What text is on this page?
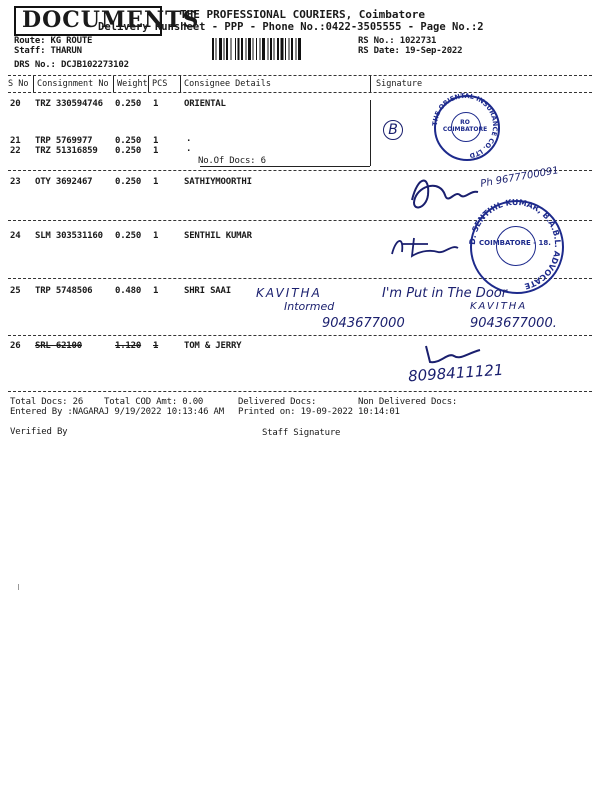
DOCUMENTS
THE PROFESSIONAL COURIERS, Coimbatore
Delivery Runsheet - PPP - Phone No.:0422-3505555 - Page No.:2
Route: KG ROUTE
Staff: THARUN
DRS No.: DCJB102273102
RS No.: 1022731
RS Date: 19-Sep-2022
S No Consignment No Weight PCS Consignee Details	Signature
20 TRZ 330594746 0.250 1	ORIENTAL
21 TRP 5769977	0.250 1	.
22 TRZ 51316859 0.250 1	.
No.Of Docs: 6
23 OTY 3692467	0.250 1	SATHIYMOORTHI
24 SLM 303531160 0.250 1	SENTHIL KUMAR
25 TRP 5748506	0.480 1	SHRI SAAI
26 SRL 62100	1.120 1	TOM & JERRY
Total Docs: 26 Total COD Amt: 0.00	Delivered Docs:	Non Delivered Docs:
Entered By :NAGARAJ 9/19/2022 10:13:46 AM Printed on: 19-09-2022 10:14:01
Verified By	Staff Signature
RO COIMBATORE
THE ORIENTAL INSURANCE CO. LTD
B
Ph 9677700091
COIMBATORE - 18.
D. SENTHIL KUMAR, B.A.B.L. ADVOCATE
KAVITHA
Intormed
9043677000
I'm Put in The Door
KAVITHA
9043677000.
8098411121
